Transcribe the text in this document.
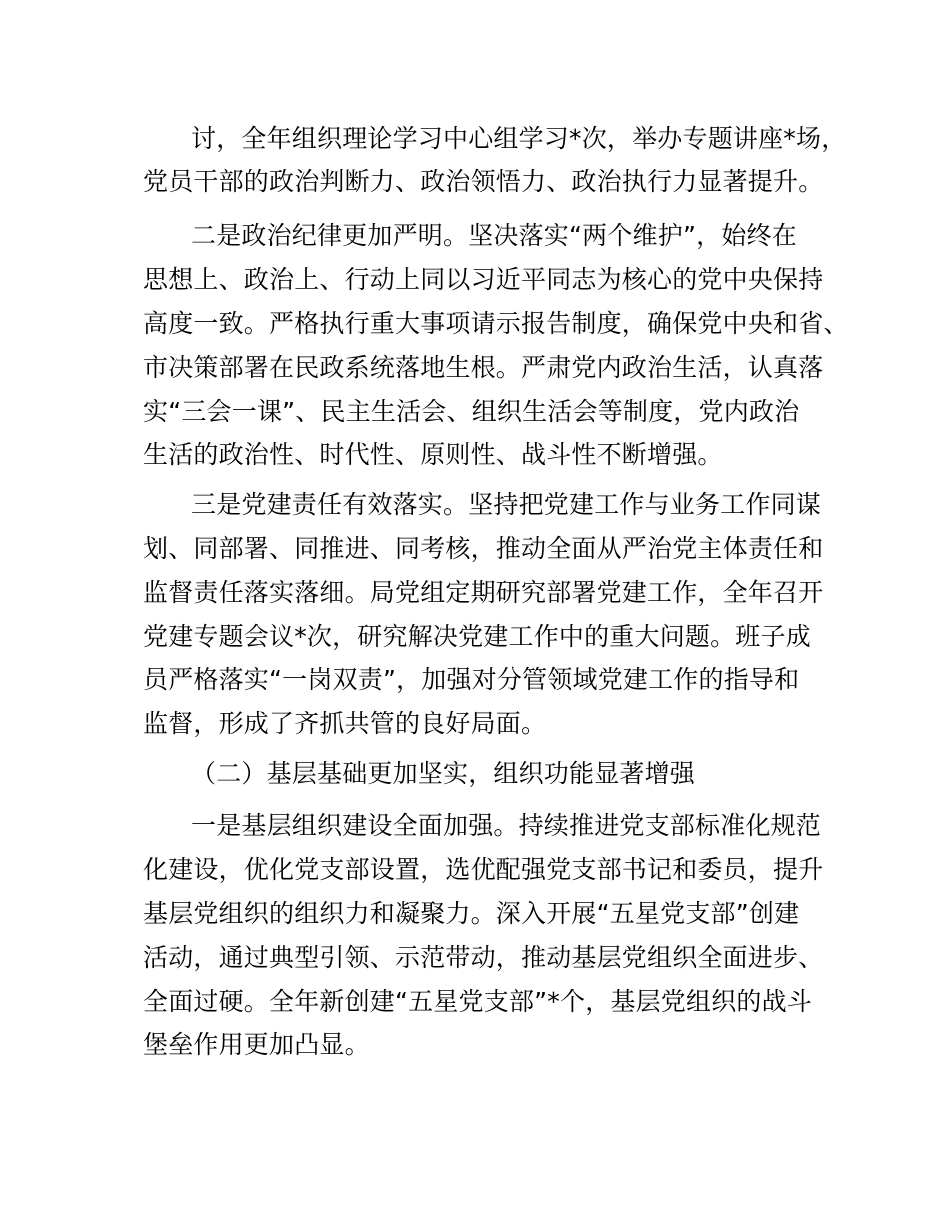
讨，全年组织理论学习中心组学习*次，举办专题讲座*场，
党员干部的政治判断力、政治领悟力、政治执行力显著提升。
二是政治纪律更加严明。坚决落实“两个维护”，始终在
思想上、政治上、行动上同以习近平同志为核心的党中央保持
高度一致。严格执行重大事项请示报告制度，确保党中央和省、
市决策部署在民政系统落地生根。严肃党内政治生活，认真落
实“三会一课”、民主生活会、组织生活会等制度，党内政治
生活的政治性、时代性、原则性、战斗性不断增强。
三是党建责任有效落实。坚持把党建工作与业务工作同谋
划、同部署、同推进、同考核，推动全面从严治党主体责任和
监督责任落实落细。局党组定期研究部署党建工作，全年召开
党建专题会议*次，研究解决党建工作中的重大问题。班子成
员严格落实“一岗双责”，加强对分管领域党建工作的指导和
监督，形成了齐抓共管的良好局面。
（二）基层基础更加坚实，组织功能显著增强
一是基层组织建设全面加强。持续推进党支部标准化规范
化建设，优化党支部设置，选优配强党支部书记和委员，提升
基层党组织的组织力和凝聚力。深入开展“五星党支部”创建
活动，通过典型引领、示范带动，推动基层党组织全面进步、
全面过硬。全年新创建“五星党支部”*个，基层党组织的战斗
堡垒作用更加凸显。
